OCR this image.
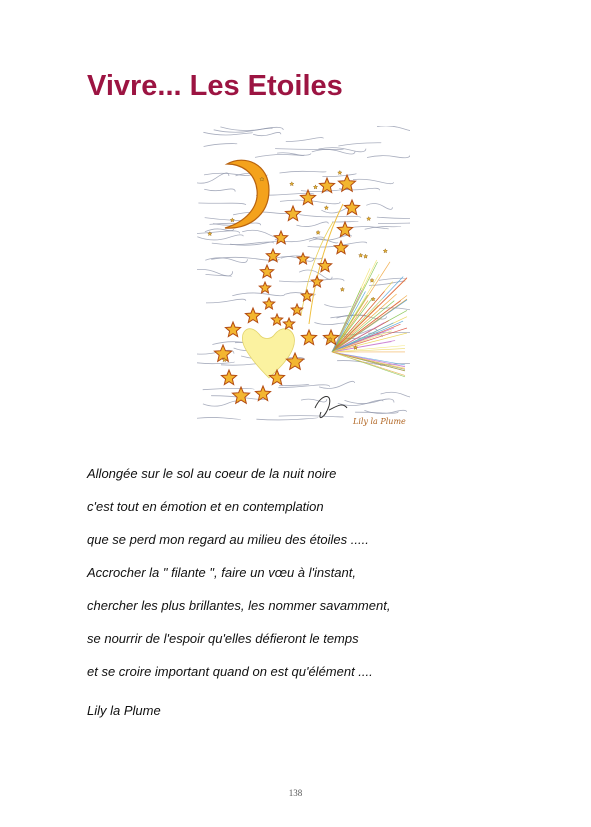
Vivre... Les Etoiles
Lily la Plume
Allongée sur le sol au coeur de la nuit noire
c'est tout en émotion et en contemplation
que se perd mon regard au milieu des étoiles .....
Accrocher la " filante ", faire un vœu à l'instant,
chercher les plus brillantes, les nommer savamment,
se nourrir de l'espoir qu'elles défieront le temps
et se croire important quand on est qu'élément ....
Lily la Plume
138
